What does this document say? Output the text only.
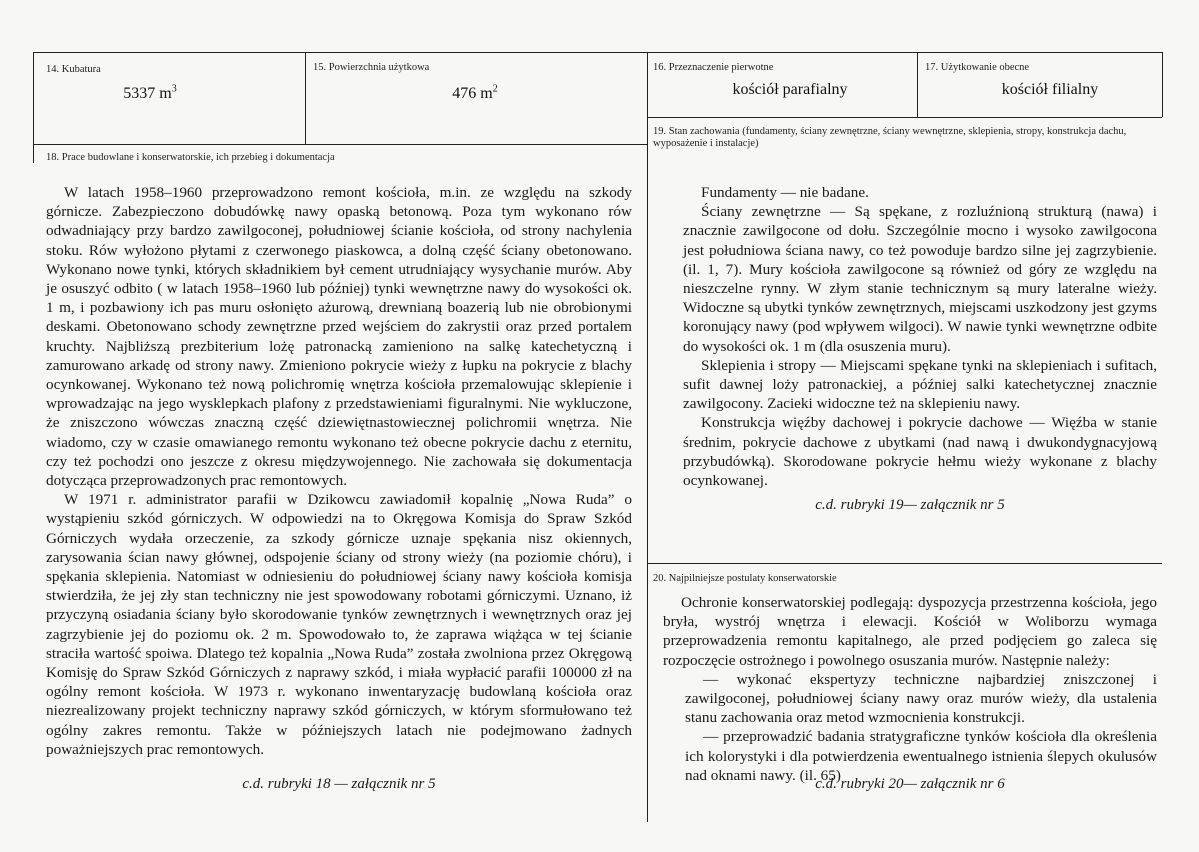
14. Kubatura
5337 $m^3$
15. Powierzchnia użytkowa
476 $m^2$
16. Przeznaczenie pierwotne
kościół parafialny
17. Użytkowanie obecne
kościół filialny
18. Prace budowlane i konserwatorskie, ich przebieg i dokumentacja

W latach 1958–1960 przeprowadzono remont kościoła, m.in. ze względu na szkody górnicze. Zabezpieczono dobudówkę nawy opaską betonową. Poza tym wykonano rów odwadniający przy bardzo zawilgoconej, południowej ścianie kościoła, od strony nachylenia stoku. Rów wyłożono płytami z czerwonego piaskowca, a dolną część ściany obetonowano. Wykonano nowe tynki, których składnikiem był cement utrudniający wysychanie murów. Aby je osuszyć odbito ( w latach 1958–1960 lub później) tynki wewnętrzne nawy do wysokości ok. 1 m, i pozbawiony ich pas muru osłonięto ażurową, drewnianą boazerią lub nie obrobionymi deskami. Obetonowano schody zewnętrzne przed wejściem do zakrystii oraz przed portalem kruchty. Najbliższą prezbiterium lożę patronacką zamieniono na salkę katechetyczną i zamurowano arkadę od strony nawy. Zmieniono pokrycie wieży z łupku na pokrycie z blachy ocynkowanej. Wykonano też nową polichromię wnętrza kościoła przemalowując sklepienie i wprowadzając na jego wysklepkach plafony z przedstawieniami figuralnymi. Nie wykluczone, że zniszczono wówczas znaczną część dziewiętnastowiecznej polichromii wnętrza. Nie wiadomo, czy w czasie omawianego remontu wykonano też obecne pokrycie dachu z eternitu, czy też pochodzi ono jeszcze z okresu międzywojennego. Nie zachowała się dokumentacja dotycząca przeprowadzonych prac remontowych.

W 1971 r. administrator parafii w Dzikowcu zawiadomił kopalnię „Nowa Ruda” o wystąpieniu szkód górniczych. W odpowiedzi na to Okręgowa Komisja do Spraw Szkód Górniczych wydała orzeczenie, za szkody górnicze uznaje spękania nisz okiennych, zarysowania ścian nawy głównej, odspojenie ściany od strony wieży (na poziomie chóru), i spękania sklepienia. Natomiast w odniesieniu do południowej ściany nawy kościoła komisja stwierdziła, że jej zły stan techniczny nie jest spowodowany robotami górniczymi. Uznano, iż przyczyną osiadania ściany było skorodowanie tynków zewnętrznych i wewnętrznych oraz jej zagrzybienie jej do poziomu ok. 2 m. Spowodowało to, że zaprawa wiążąca w tej ścianie straciła wartość spoiwa. Dlatego też kopalnia „Nowa Ruda” została zwolniona przez Okręgową Komisję do Spraw Szkód Górniczych z naprawy szkód, i miała wypłacić parafii 100000 zł na ogólny remont kościoła. W 1973 r. wykonano inwentaryzację budowlaną kościoła oraz niezrealizowany projekt techniczny naprawy szkód górniczych, w którym sformułowano też ogólny zakres remontu. Także w późniejszych latach nie podejmowano żadnych poważniejszych prac remontowych.

c.d. rubryki 18 — załącznik nr 5
19. Stan zachowania (fundamenty, ściany zewnętrzne, ściany wewnętrzne, sklepienia, stropy, konstrukcja dachu, wyposażenie i instalacje)

Fundamenty — nie badane.

Ściany zewnętrzne — Są spękane, z rozluźnioną strukturą (nawa) i znacznie zawilgocone od dołu. Szczególnie mocno i wysoko zawilgocona jest południowa ściana nawy, co też powoduje bardzo silne jej zagrzybienie. (il. 1, 7). Mury kościoła zawilgocone są również od góry ze względu na nieszczelne rynny. W złym stanie technicznym są mury lateralne wieży. Widoczne są ubytki tynków zewnętrznych, miejscami uszkodzony jest gzyms koronujący nawy (pod wpływem wilgoci). W nawie tynki wewnętrzne odbite do wysokości ok. 1 m (dla osuszenia muru).

Sklepienia i stropy — Miejscami spękane tynki na sklepieniach i sufitach, sufit dawnej loży patronackiej, a później salki katechetycznej znacznie zawilgocony. Zacieki widoczne też na sklepieniu nawy.

Konstrukcja więźby dachowej i pokrycie dachowe — Więźba w stanie średnim, pokrycie dachowe z ubytkami (nad nawą i dwukondygnacyjową przybudówką). Skorodowane pokrycie hełmu wieży wykonane z blachy ocynkowanej.

c.d. rubryki 19— załącznik nr 5
20. Najpilniejsze postulaty konserwatorskie

Ochronie konserwatorskiej podlegają: dyspozycja przestrzenna kościoła, jego bryła, wystrój wnętrza i elewacji. Kościół w Woliborzu wymaga przeprowadzenia remontu kapitalnego, ale przed podjęciem go zaleca się rozpoczęcie ostrożnego i powolnego osuszania murów. Następnie należy:

— wykonać ekspertyzy techniczne najbardziej zniszczonej i zawilgoconej, południowej ściany nawy oraz murów wieży, dla ustalenia stanu zachowania oraz metod wzmocnienia konstrukcji.

— przeprowadzić badania stratygraficzne tynków kościoła dla określenia ich kolorystyki i dla potwierdzenia ewentualnego istnienia ślepych okulusów nad oknami nawy. (il. 65)

c.d. rubryki 20— załącznik nr 6
